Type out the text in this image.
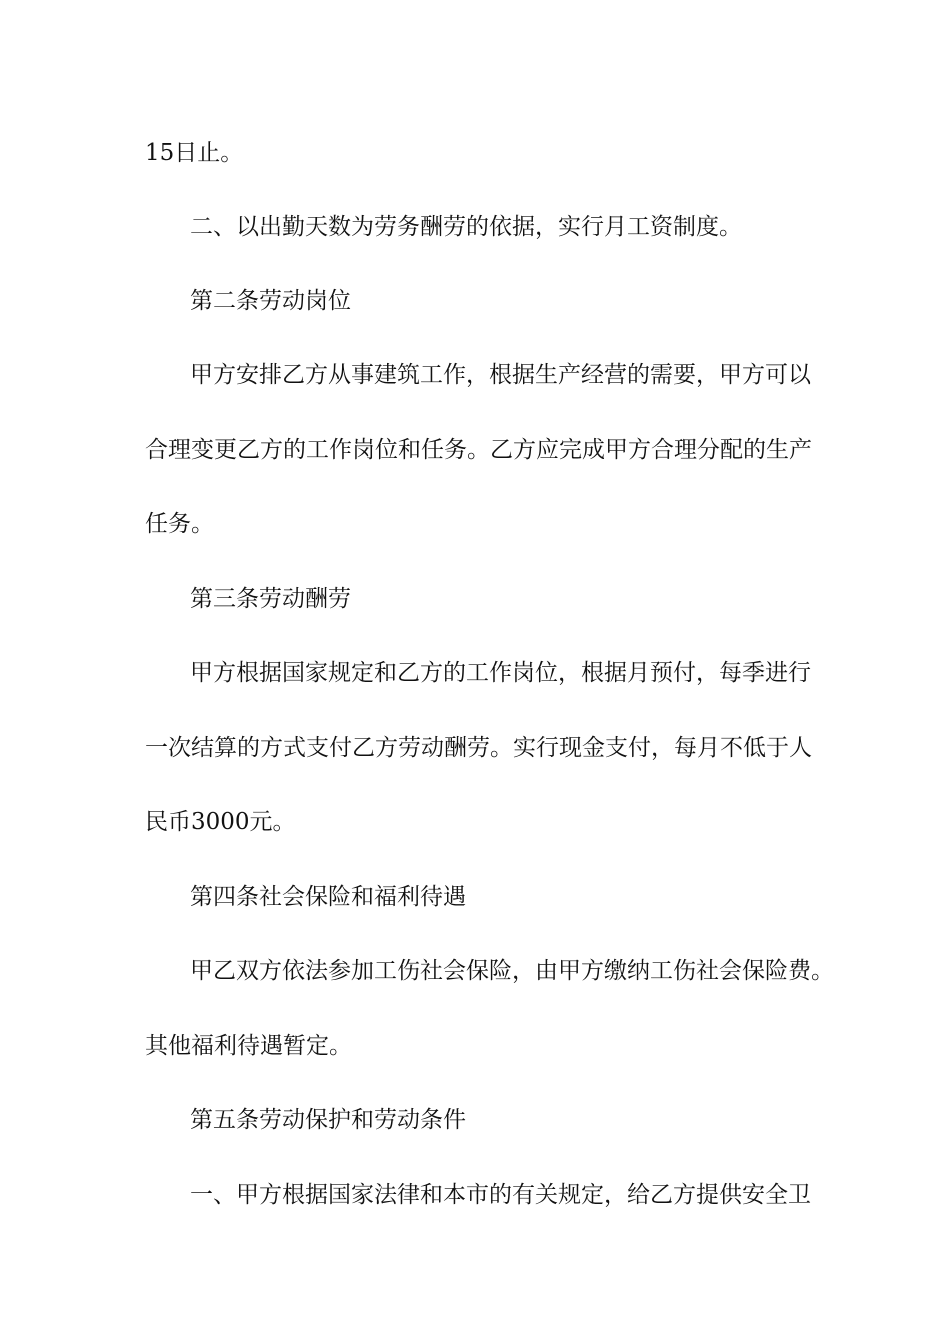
15日止。
二、以出勤天数为劳务酬劳的依据，实行月工资制度。
第二条劳动岗位
甲方安排乙方从事建筑工作，根据生产经营的需要，甲方可以
合理变更乙方的工作岗位和任务。乙方应完成甲方合理分配的生产
任务。
第三条劳动酬劳
甲方根据国家规定和乙方的工作岗位，根据月预付，每季进行
一次结算的方式支付乙方劳动酬劳。实行现金支付，每月不低于人
民币3000元。
第四条社会保险和福利待遇
甲乙双方依法参加工伤社会保险，由甲方缴纳工伤社会保险费。
其他福利待遇暂定。
第五条劳动保护和劳动条件
一、甲方根据国家法律和本市的有关规定，给乙方提供安全卫
